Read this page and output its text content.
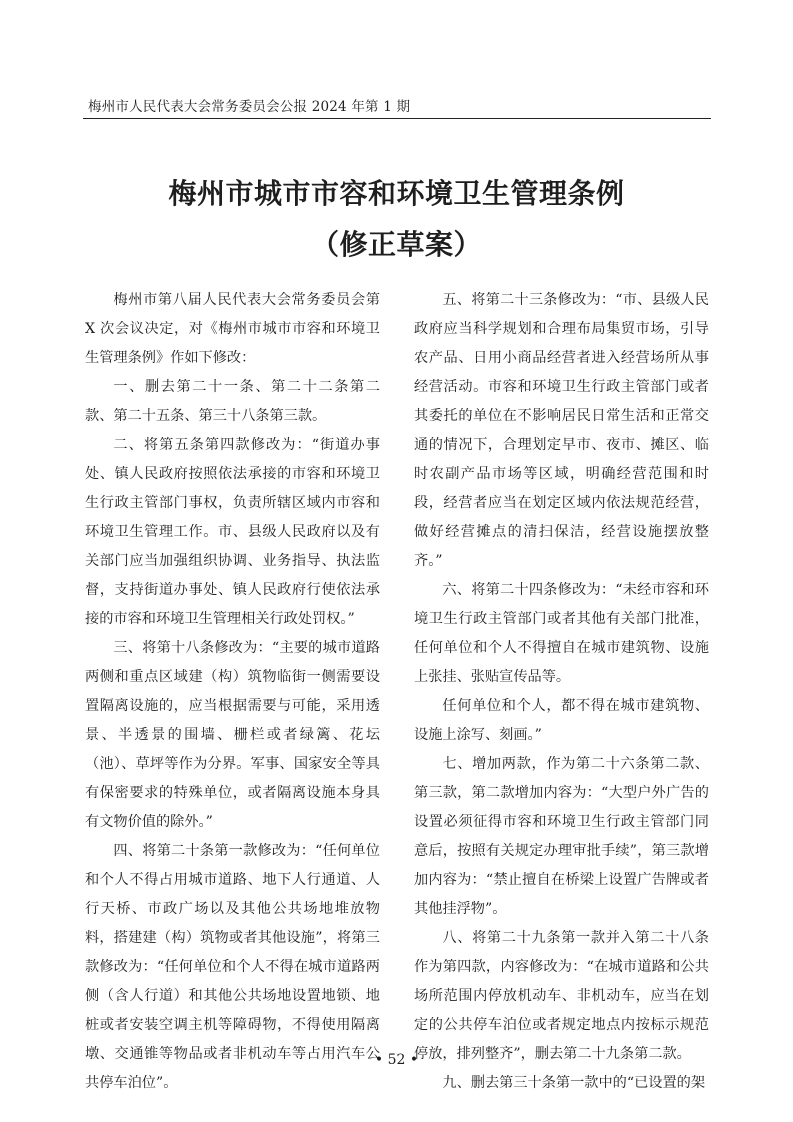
梅州市人民代表大会常务委员会公报 2024 年第 1 期
梅州市城市市容和环境卫生管理条例
（修正草案）

梅州市第八届人民代表大会常务委员会第 X 次会议决定，对《梅州市城市市容和环境卫生管理条例》作如下修改：

一、删去第二十一条、第二十二条第二款、第二十五条、第三十八条第三款。

二、将第五条第四款修改为：“街道办事处、镇人民政府按照依法承接的市容和环境卫生行政主管部门事权，负责所辖区域内市容和环境卫生管理工作。市、县级人民政府以及有关部门应当加强组织协调、业务指导、执法监督，支持街道办事处、镇人民政府行使依法承接的市容和环境卫生管理相关行政处罚权。”

三、将第十八条修改为：“主要的城市道路两侧和重点区域建（构）筑物临街一侧需要设置隔离设施的，应当根据需要与可能，采用透景、半透景的围墙、栅栏或者绿篱、花坛（池）、草坪等作为分界。军事、国家安全等具有保密要求的特殊单位，或者隔离设施本身具有文物价值的除外。”

四、将第二十条第一款修改为：“任何单位和个人不得占用城市道路、地下人行通道、人行天桥、市政广场以及其他公共场地堆放物料，搭建建（构）筑物或者其他设施”，将第三款修改为：“任何单位和个人不得在城市道路两侧（含人行道）和其他公共场地设置地锁、地桩或者安装空调主机等障碍物，不得使用隔离墩、交通锥等物品或者非机动车等占用汽车公共停车泊位”。

五、将第二十三条修改为：“市、县级人民政府应当科学规划和合理布局集贸市场，引导农产品、日用小商品经营者进入经营场所从事经营活动。市容和环境卫生行政主管部门或者其委托的单位在不影响居民日常生活和正常交通的情况下，合理划定早市、夜市、摊区、临时农副产品市场等区域，明确经营范围和时段，经营者应当在划定区域内依法规范经营，做好经营摊点的清扫保洁，经营设施摆放整齐。”

六、将第二十四条修改为：“未经市容和环境卫生行政主管部门或者其他有关部门批准，任何单位和个人不得擅自在城市建筑物、设施上张挂、张贴宣传品等。

任何单位和个人，都不得在城市建筑物、设施上涂写、刻画。”

七、增加两款，作为第二十六条第二款、第三款，第二款增加内容为：“大型户外广告的设置必须征得市容和环境卫生行政主管部门同意后，按照有关规定办理审批手续”，第三款增加内容为：“禁止擅自在桥梁上设置广告牌或者其他挂浮物”。

八、将第二十九条第一款并入第二十八条作为第四款，内容修改为：“在城市道路和公共场所范围内停放机动车、非机动车，应当在划定的公共停车泊位或者规定地点内按标示规范停放，排列整齐”，删去第二十九条第二款。

九、删去第三十条第一款中的“已设置的架

• 52 •
